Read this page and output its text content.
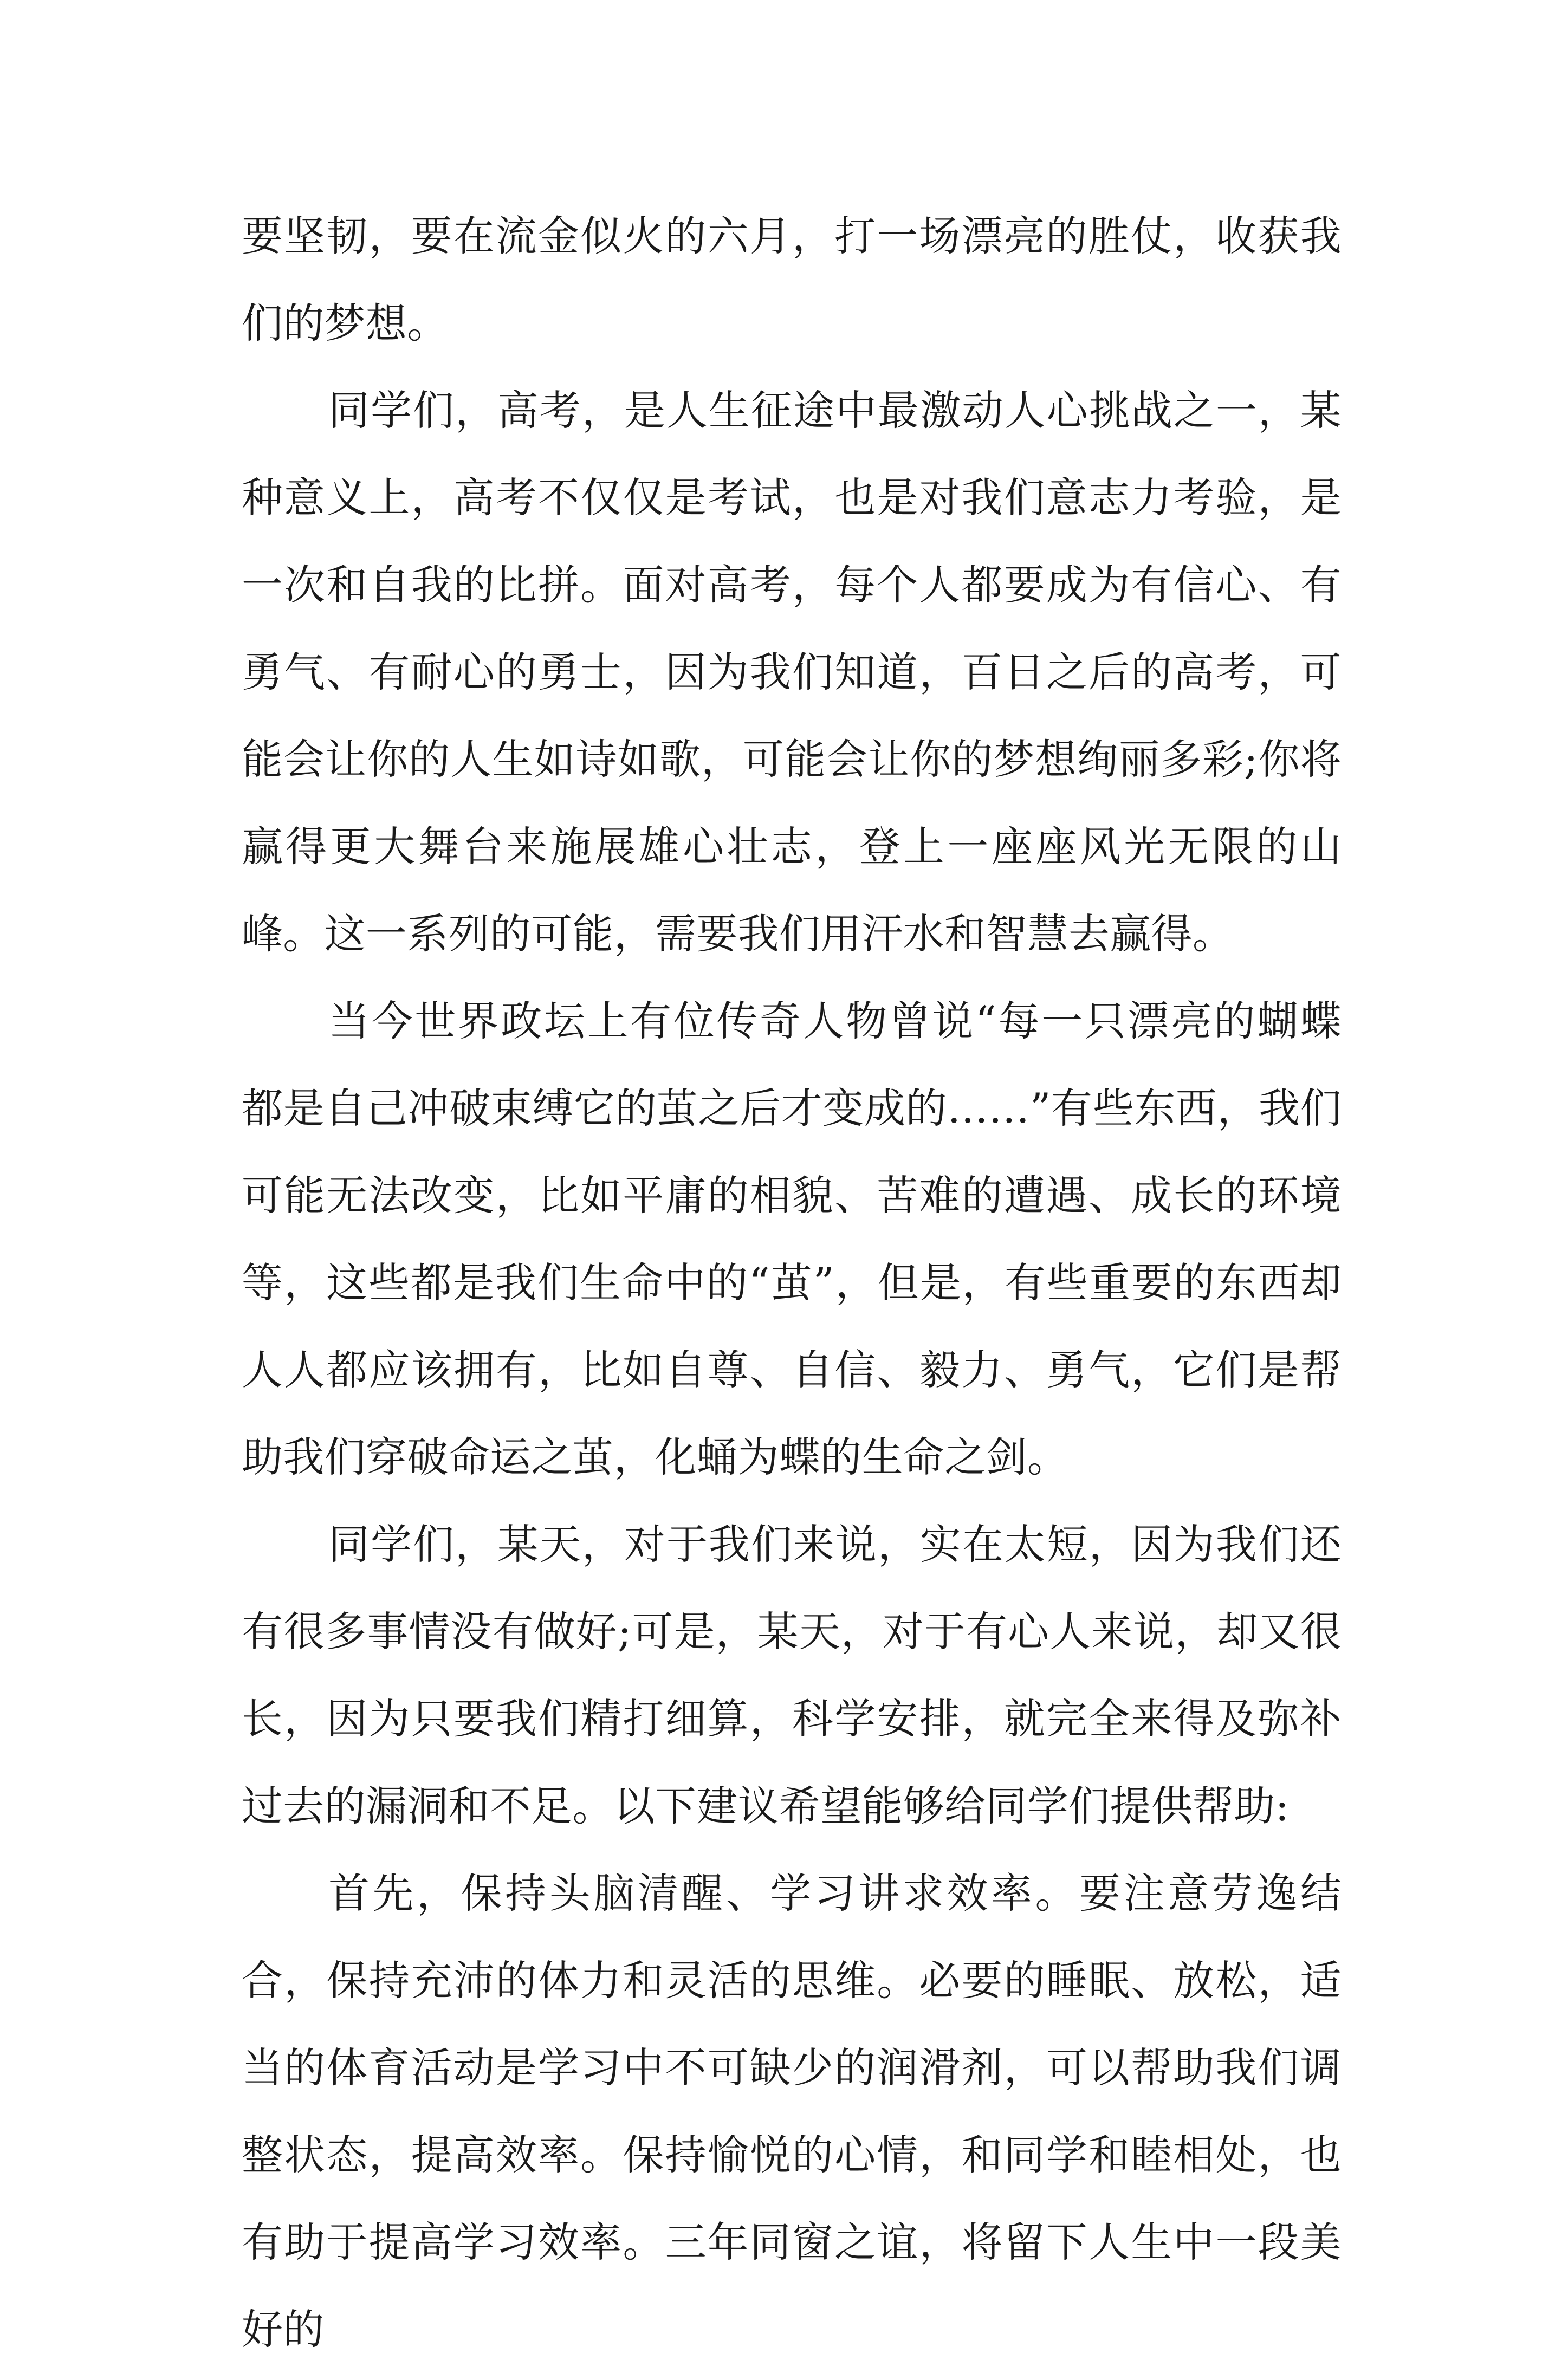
要坚韧，要在流金似火的六月，打一场漂亮的胜仗，收获我们的梦想。

同学们，高考，是人生征途中最激动人心挑战之一，某种意义上，高考不仅仅是考试，也是对我们意志力考验，是一次和自我的比拼。面对高考，每个人都要成为有信心、有勇气、有耐心的勇士，因为我们知道，百日之后的高考，可能会让你的人生如诗如歌，可能会让你的梦想绚丽多彩;你将赢得更大舞台来施展雄心壮志，登上一座座风光无限的山峰。这一系列的可能，需要我们用汗水和智慧去赢得。

当今世界政坛上有位传奇人物曾说“每一只漂亮的蝴蝶都是自己冲破束缚它的茧之后才变成的……”有些东西，我们可能无法改变，比如平庸的相貌、苦难的遭遇、成长的环境等，这些都是我们生命中的“茧”，但是，有些重要的东西却人人都应该拥有，比如自尊、自信、毅力、勇气，它们是帮助我们穿破命运之茧，化蛹为蝶的生命之剑。

同学们，某天，对于我们来说，实在太短，因为我们还有很多事情没有做好;可是，某天，对于有心人来说，却又很长，因为只要我们精打细算，科学安排，就完全来得及弥补过去的漏洞和不足。以下建议希望能够给同学们提供帮助:

首先，保持头脑清醒、学习讲求效率。要注意劳逸结合，保持充沛的体力和灵活的思维。必要的睡眠、放松，适当的体育活动是学习中不可缺少的润滑剂，可以帮助我们调整状态，提高效率。保持愉悦的心情，和同学和睦相处，也有助于提高学习效率。三年同窗之谊，将留下人生中一段美好的
